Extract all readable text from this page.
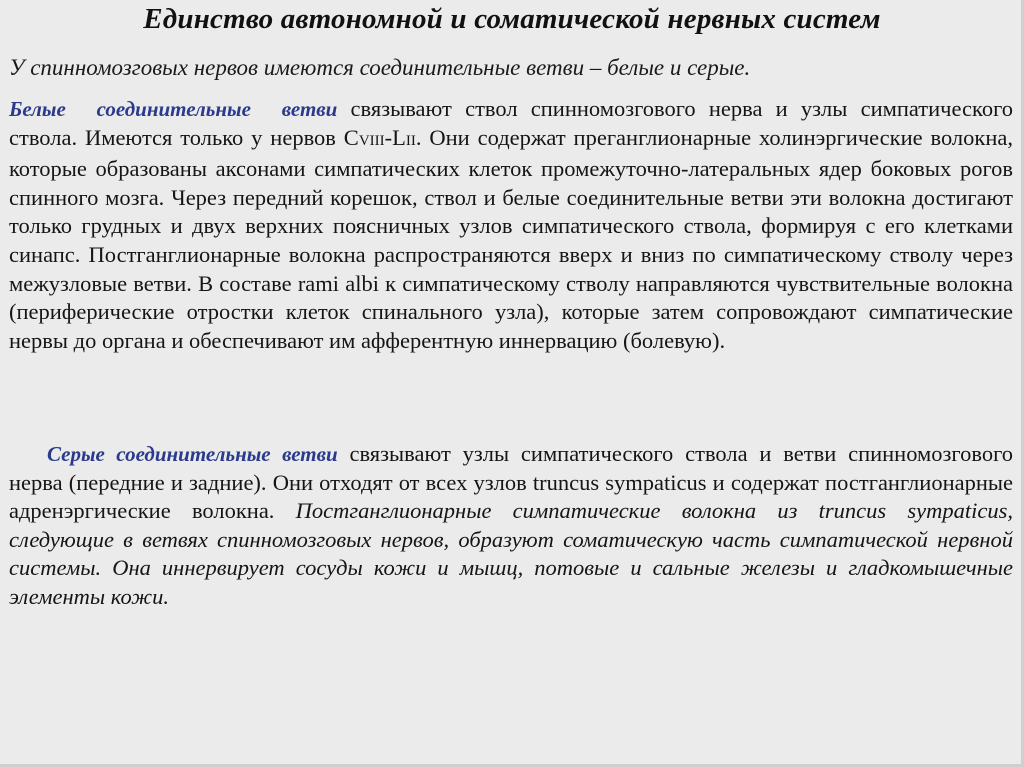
Единство автономной и соматической нервных систем
У спинномозговых нервов имеются соединительные ветви – белые и серые.
Белые соединительные ветви связывают ствол спинномозгового нерва и узлы симпатического ствола. Имеются только у нервов СVIII-LII. Они содержат преганглионарные холинэргические волокна, которые образованы аксонами симпатических клеток промежуточно-латеральных ядер боковых рогов спинного мозга. Через передний корешок, ствол и белые соединительные ветви эти волокна достигают только грудных и двух верхних поясничных узлов симпатического ствола, формируя с его клетками синапс. Постганглионарные волокна распространяются вверх и вниз по симпатическому стволу через межузловые ветви. В составе rami albi к симпатическому стволу направляются чувствительные волокна (периферические отростки клеток спинального узла), которые затем сопровождают симпатические нервы до органа и обеспечивают им афферентную иннервацию (болевую).
Серые соединительные ветви связывают узлы симпатического ствола и ветви спинномозгового нерва (передние и задние). Они отходят от всех узлов truncus sympaticus и содержат постганглионарные адренэргические волокна. Постганглионарные симпатические волокна из truncus sympaticus, следующие в ветвях спинномозговых нервов, образуют соматическую часть симпатической нервной системы. Она иннервирует сосуды кожи и мышц, потовые и сальные железы и гладкомышечные элементы кожи.
